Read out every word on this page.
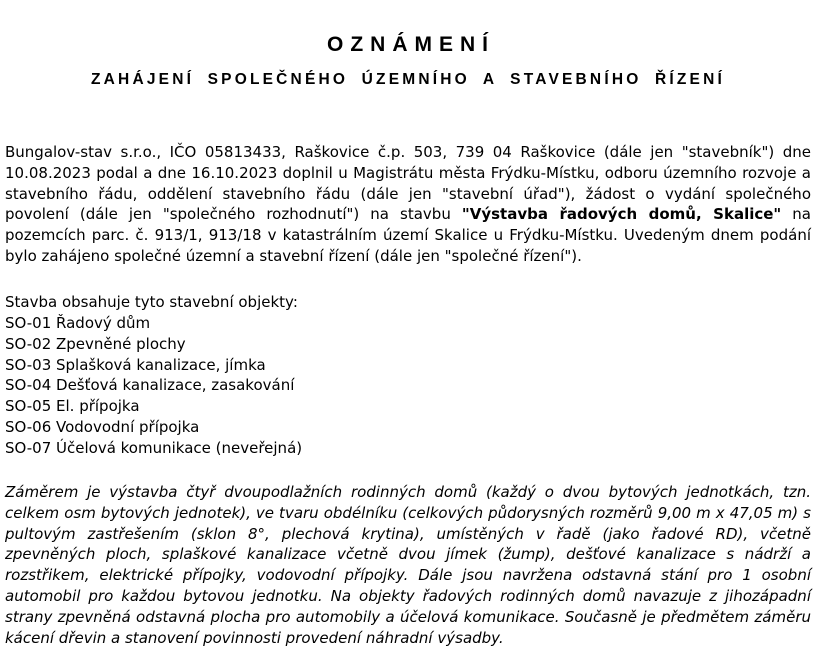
OZNÁMENÍ
ZAHÁJENÍ SPOLEČNÉHO ÚZEMNÍHO A STAVEBNÍHO ŘÍZENÍ

Bungalov-stav s.r.o., IČO 05813433, Raškovice č.p. 503, 739 04 Raškovice (dále jen "stavebník") dne 10.08.2023 podal a dne 16.10.2023 doplnil u Magistrátu města Frýdku-Místku, odboru územního rozvoje a stavebního řádu, oddělení stavebního řádu (dále jen "stavební úřad"), žádost o vydání společného povolení (dále jen "společného rozhodnutí") na stavbu "Výstavba řadových domů, Skalice" na pozemcích parc. č. 913/1, 913/18 v katastrálním území Skalice u Frýdku-Místku. Uvedeným dnem podání bylo zahájeno společné územní a stavební řízení (dále jen "společné řízení").

Stavba obsahuje tyto stavební objekty:
SO-01 Řadový dům
SO-02 Zpevněné plochy
SO-03 Splašková kanalizace, jímka
SO-04 Dešťová kanalizace, zasakování
SO-05 El. přípojka
SO-06 Vodovodní přípojka
SO-07 Účelová komunikace (neveřejná)

Záměrem je výstavba čtyř dvoupodlažních rodinných domů (každý o dvou bytových jednotkách, tzn. celkem osm bytových jednotek), ve tvaru obdélníku (celkových půdorysných rozměrů 9,00 m x 47,05 m) s pultovým zastřešením (sklon 8°, plechová krytina), umístěných v řadě (jako řadové RD), včetně zpevněných ploch, splaškové kanalizace včetně dvou jímek (žump), dešťové kanalizace s nádrží a rozstřikem, elektrické přípojky, vodovodní přípojky. Dále jsou navržena odstavná stání pro 1 osobní automobil pro každou bytovou jednotku. Na objekty řadových rodinných domů navazuje z jihozápadní strany zpevněná odstavná plocha pro automobily a účelová komunikace. Současně je předmětem záměru kácení dřevin a stanovení povinnosti provedení náhradní výsadby.
